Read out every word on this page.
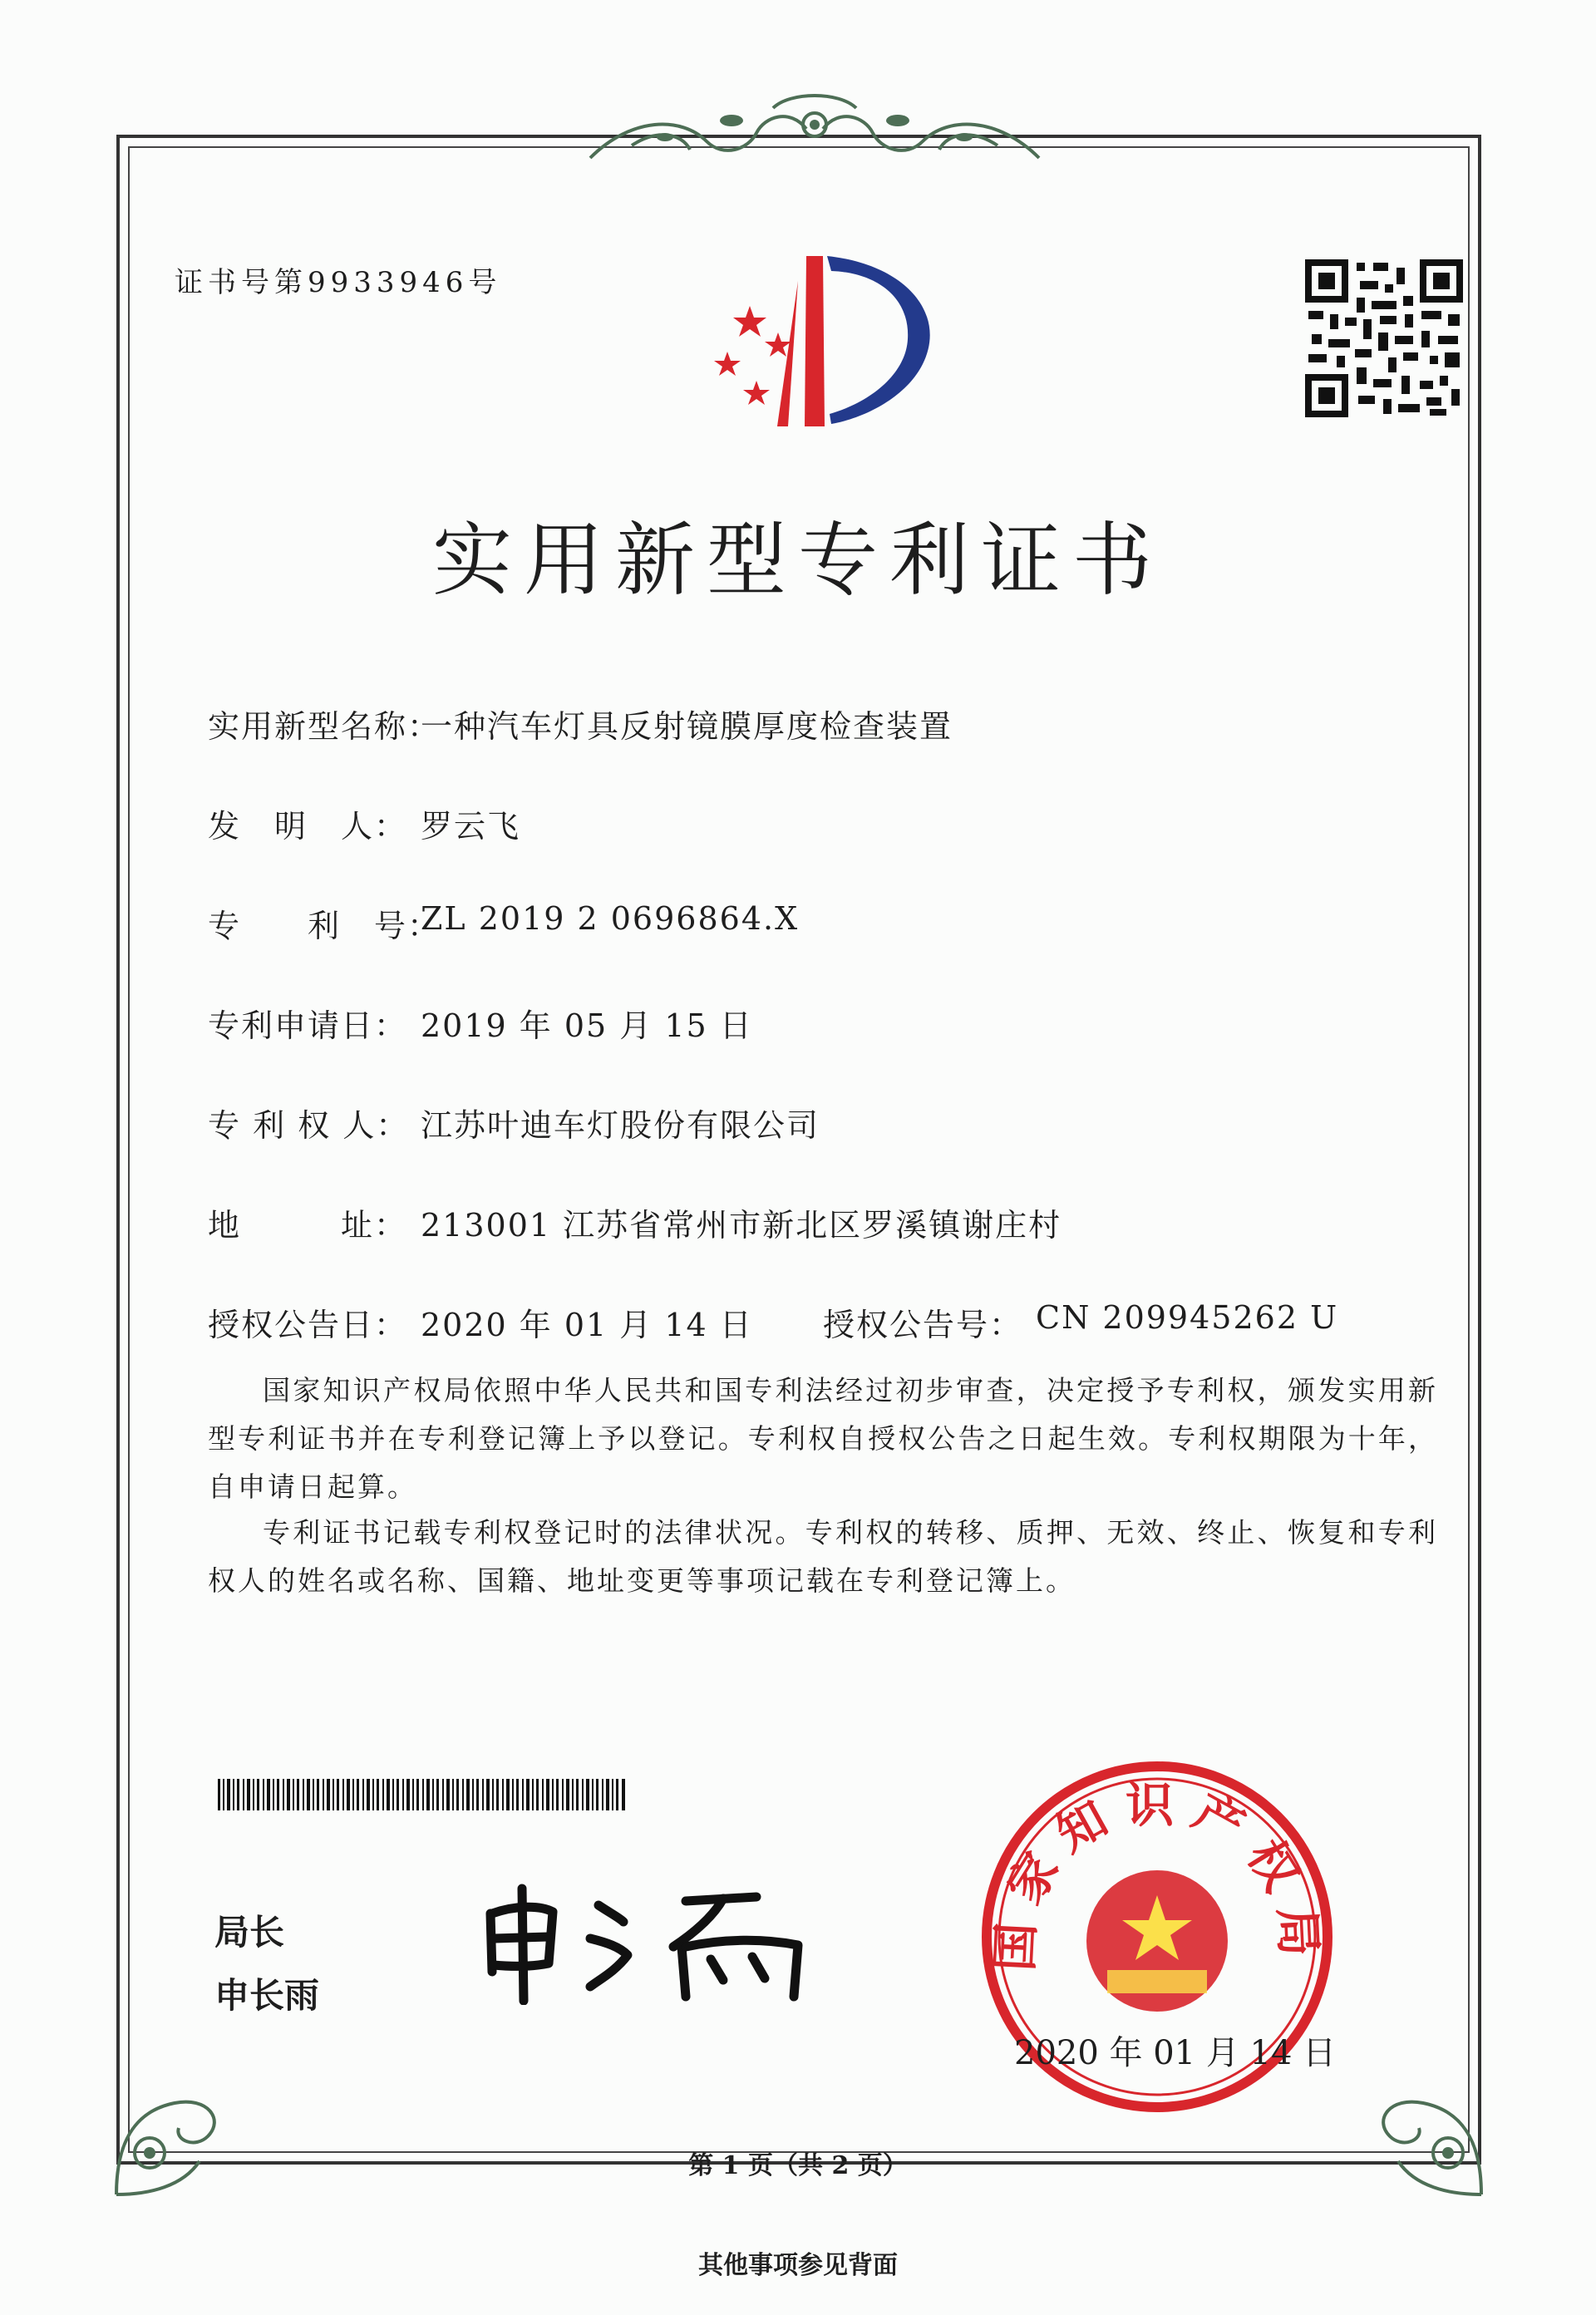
证书号第9933946号
实用新型专利证书
实用新型名称：
一种汽车灯具反射镜膜厚度检查装置
发　明　人： 罗云飞
专　　利　号：
ZL 2019 2 0696864.X
专利申请日： 2019 年 05 月 15 日
专 利 权 人： 江苏叶迪车灯股份有限公司
地　　　址： 213001 江苏省常州市新北区罗溪镇谢庄村
授权公告日： 2020 年 01 月 14 日 授权公告号： CN 209945262 U
国家知识产权局依照中华人民共和国专利法经过初步审查，决定授予专利权，颁发实用新型专利证书并在专利登记簿上予以登记。专利权自授权公告之日起生效。专利权期限为十年，自申请日起算。
专利证书记载专利权登记时的法律状况。专利权的转移、质押、无效、终止、恢复和专利权人的姓名或名称、国籍、地址变更等事项记载在专利登记簿上。
局长
申长雨
国家知识产权局
2020 年 01 月 14 日
第 1 页（共 2 页）
其他事项参见背面
